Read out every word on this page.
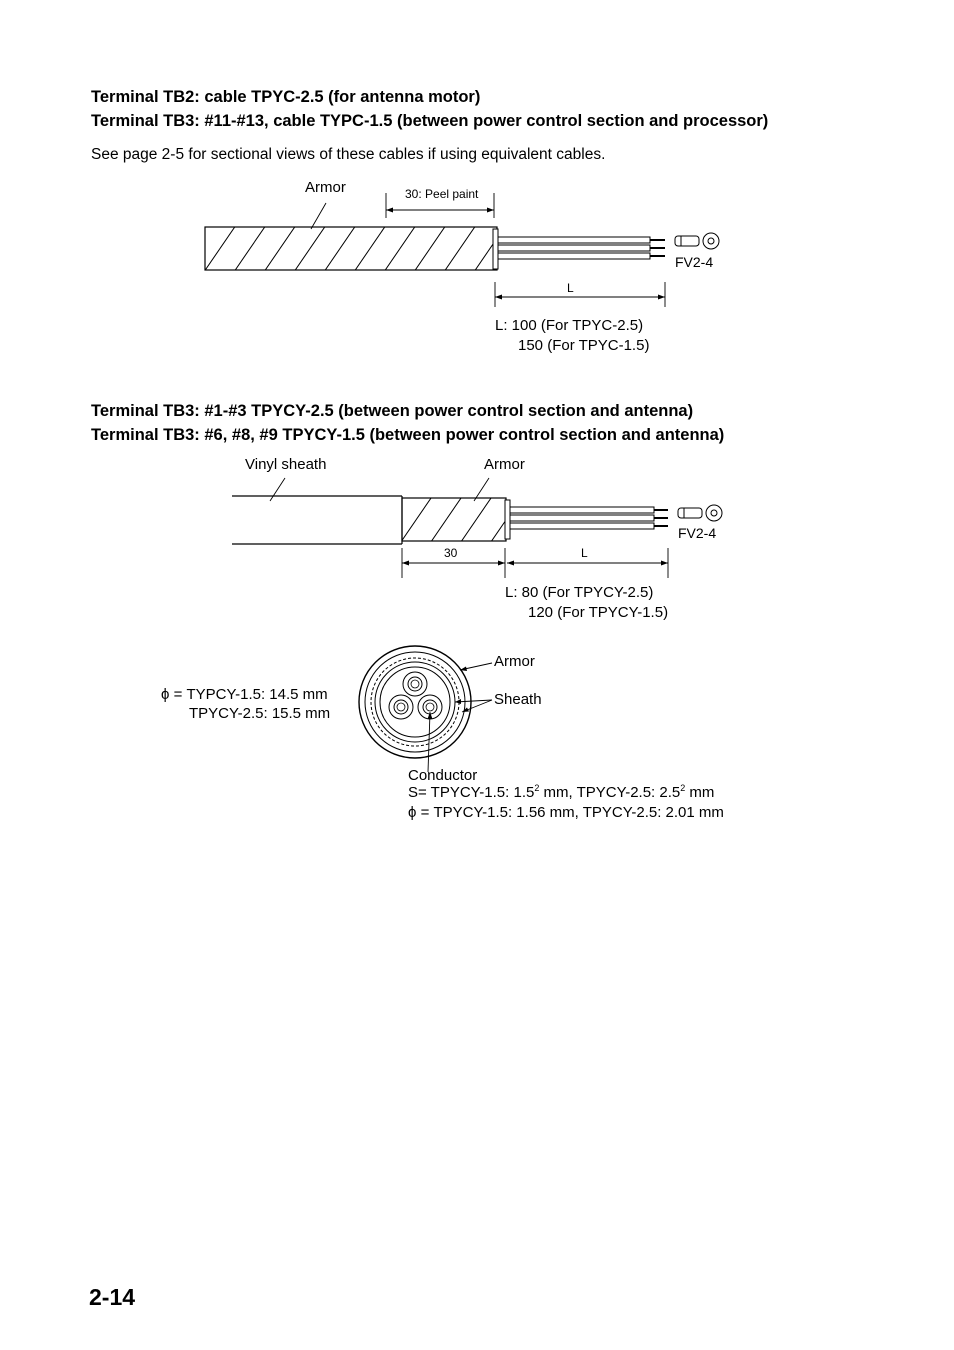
Terminal TB2: cable TPYC-2.5 (for antenna motor)

Terminal TB3: #11-#13, cable TYPC-1.5 (between power control section and processor)

See page 2-5 for sectional views of these cables if using equivalent cables.

Armor	30: Peel paint
FV2-4
L
L: 100 (For TPYC-2.5)
150 (For TPYC-1.5)

Terminal TB3: #1-#3 TPYCY-2.5 (between power control section and antenna)

Terminal TB3: #6, #8, #9 TPYCY-1.5 (between power control section and antenna)

Vinyl sheath	Armor
FV2-4
30	L
L: 80 (For TPYCY-2.5)
120 (For TPYCY-1.5)
ϕ = TYPCY-1.5: 14.5 mm
TPYCY-2.5: 15.5 mm
Armor
Sheath
Conductor
S= TPYCY-1.5: $1.5^2$ mm, TPYCY-2.5: $2.5^2$ mm
ϕ = TPYCY-1.5: 1.56 mm, TPYCY-2.5: 2.01 mm
2-14
